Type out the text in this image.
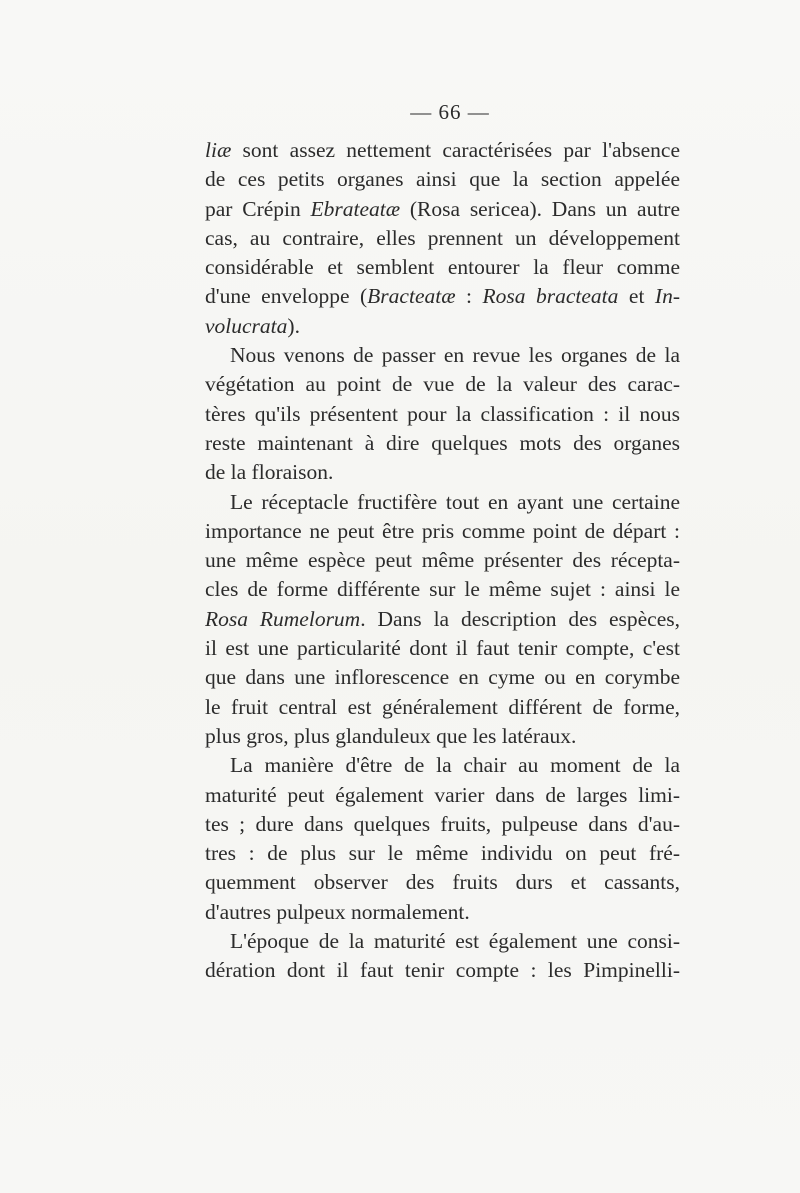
— 66 —
liæ sont assez nettement caractérisées par l'absence
de ces petits organes ainsi que la section appelée
par Crépin Ebrateatæ (Rosa sericea). Dans un autre
cas, au contraire, elles prennent un développement
considérable et semblent entourer la fleur comme
d'une enveloppe (Bracteatæ : Rosa bracteata et In-
volucrata).
Nous venons de passer en revue les organes de la
végétation au point de vue de la valeur des carac-
tères qu'ils présentent pour la classification : il nous
reste maintenant à dire quelques mots des organes
de la floraison.
Le réceptacle fructifère tout en ayant une certaine
importance ne peut être pris comme point de départ :
une même espèce peut même présenter des récepta-
cles de forme différente sur le même sujet : ainsi le
Rosa Rumelorum. Dans la description des espèces,
il est une particularité dont il faut tenir compte, c'est
que dans une inflorescence en cyme ou en corymbe
le fruit central est généralement différent de forme,
plus gros, plus glanduleux que les latéraux.
La manière d'être de la chair au moment de la
maturité peut également varier dans de larges limi-
tes ; dure dans quelques fruits, pulpeuse dans d'au-
tres : de plus sur le même individu on peut fré-
quemment observer des fruits durs et cassants,
d'autres pulpeux normalement.
L'époque de la maturité est également une consi-
dération dont il faut tenir compte : les Pimpinelli-
